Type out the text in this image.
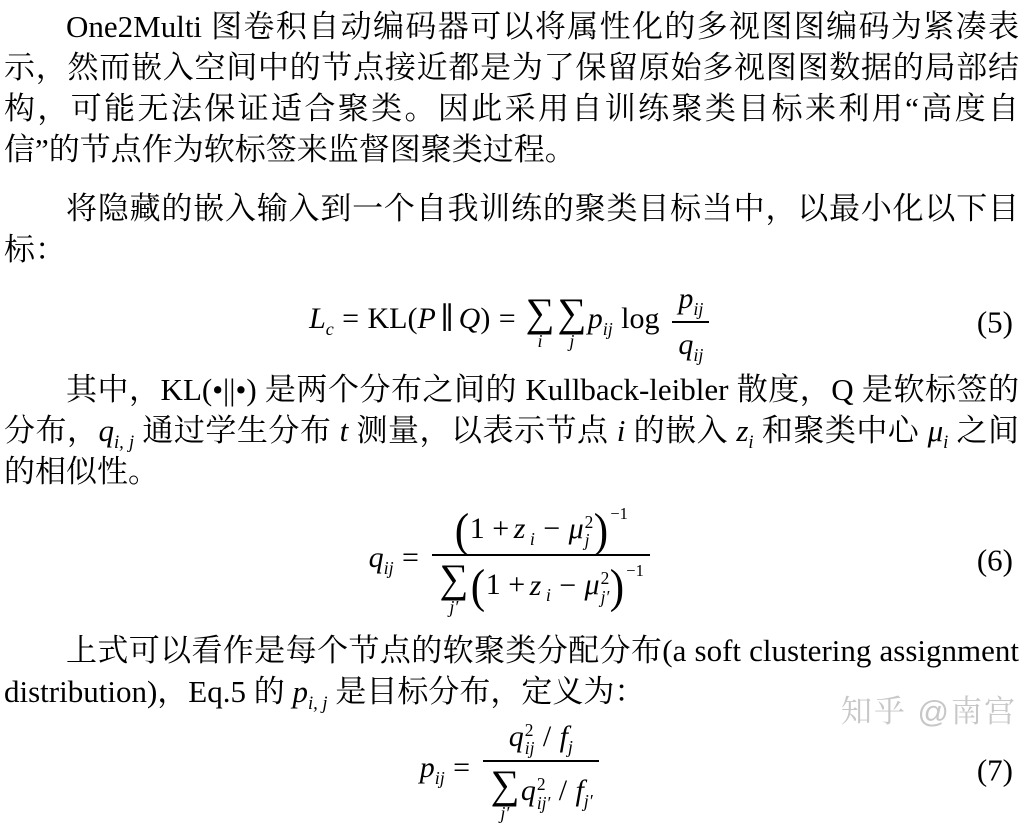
知乎 @南宫

One2Multi 图卷积自动编码器可以将属性化的多视图图编码为紧凑表示，然而嵌入空间中的节点接近都是为了保留原始多视图图数据的局部结构，可能无法保证适合聚类。因此采用自训练聚类目标来利用“高度自信”的节点作为软标签来监督图聚类过程。

将隐藏的嵌入输入到一个自我训练的聚类目标当中，以最小化以下目标：

$L_c = KL(P$ ∥ Q) = ∑
i
∑
j
$p_{ij}$ $\log \frac{p_{ij}}{q_{ij}}$	(5)

其中，KL(•||•) 是两个分布之间的 Kullback-leibler 散度，Q 是软标签的分布，$q_{i, j}$ 通过学生分布 t 测量，以表示节点 i 的嵌入 $z_i$ 和聚类中心 $\mu_i$ 之间的相似性。

$q_{ij} = (1 + z$ $_i$ − μ 2
j ) $^{-1}$
∑
j′ (1 + z $_i$ − μ 2
j′ ) $^{-1}$	(6)

上式可以看作是每个节点的软聚类分配分布(a soft clustering assignment distribution)，Eq.5 的 $p_{i, j}$ 是目标分布，定义为：

$p_{ij} = q$ 2
ij / $f_j$
∑
j′
q 2
$ij' / f_{j'}$	(7)
